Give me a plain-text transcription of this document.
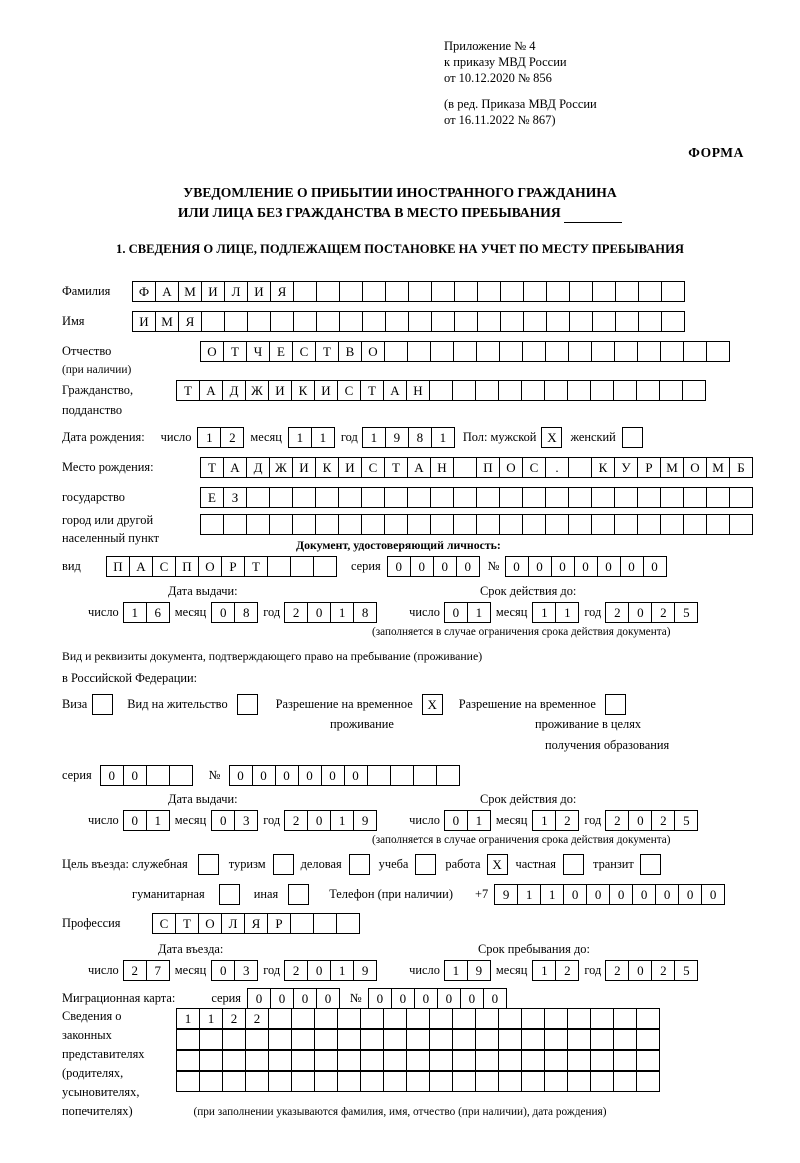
Приложение № 4
к приказу МВД России
от 10.12.2020 № 856
(в ред. Приказа МВД России
от 16.11.2022 № 867)
ФОРМА
УВЕДОМЛЕНИЕ О ПРИБЫТИИ ИНОСТРАННОГО ГРАЖДАНИНА
ИЛИ ЛИЦА БЕЗ ГРАЖДАНСТВА В МЕСТО ПРЕБЫВАНИЯ
1. СВЕДЕНИЯ О ЛИЦЕ, ПОДЛЕЖАЩЕМ ПОСТАНОВКЕ НА УЧЕТ ПО МЕСТУ ПРЕБЫВАНИЯ
Фамилия	Ф	А М И	Л	И	Я
Имя	И М Я
Отчество	О	Т	Ч	Е	С	Т	В	О
(при наличии)
Гражданство,	Т	А	Д Ж И	К	И	С	Т	А	Н
подданство
Дата рождения: число	1	2	месяц	1	1	год 1	9	8	1	Пол: мужской X	женский
Место рождения:	Т	А	Д Ж И	К	И	С	Т	А	Н	П	О	С	.	К	У	Р	М О М	Б
государство	Е	З
город или другой
населенный пункт	Документ, удостоверяющий личность:
вид	П	А	С	П	О	Р	Т	серия	0	0	0	0	№	0	0	0	0	0	0	0
Дата выдачи:	Срок действия до:
число 1	6	месяц	0	8	год 2	0	1	8	число 0	1	месяц	1	1	год 2	0	2	5
(заполняется в случае ограничения срока действия документа)
Вид и реквизиты документа, подтверждающего право на пребывание (проживание)
в Российской Федерации:
Виза	Вид на жительство	Разрешение на временное	X	Разрешение на временное
проживание	проживание в целях
получения образования
серия	0	0	№	0	0	0	0	0	0
Дата выдачи:	Срок действия до:
число 0	1	месяц	0	3	год 2	0	1	9	число 0	1	месяц	1	2	год 2	0	2	5
(заполняется в случае ограничения срока действия документа)
Цель въезда: служебная	туризм	деловая	учеба	работа X	частная	транзит
гуманитарная	иная	Телефон (при наличии) +7	9	1	1	0	0	0	0	0	0	0
Профессия	С	Т	О	Л	Я	Р
Дата въезда:	Срок пребывания до:
число 2	7	месяц	0	3	год 2	0	1	9	число 1	9	месяц	1	2	год 2	0	2	5
Миграционная карта:	серия	0	0	0	0	№	0	0	0	0	0	0
Сведения о
законных
представителях
(родителях,
усыновителях,
попечителях)
1	1	2	2
(при заполнении указываются фамилия, имя, отчество (при наличии), дата рождения)
